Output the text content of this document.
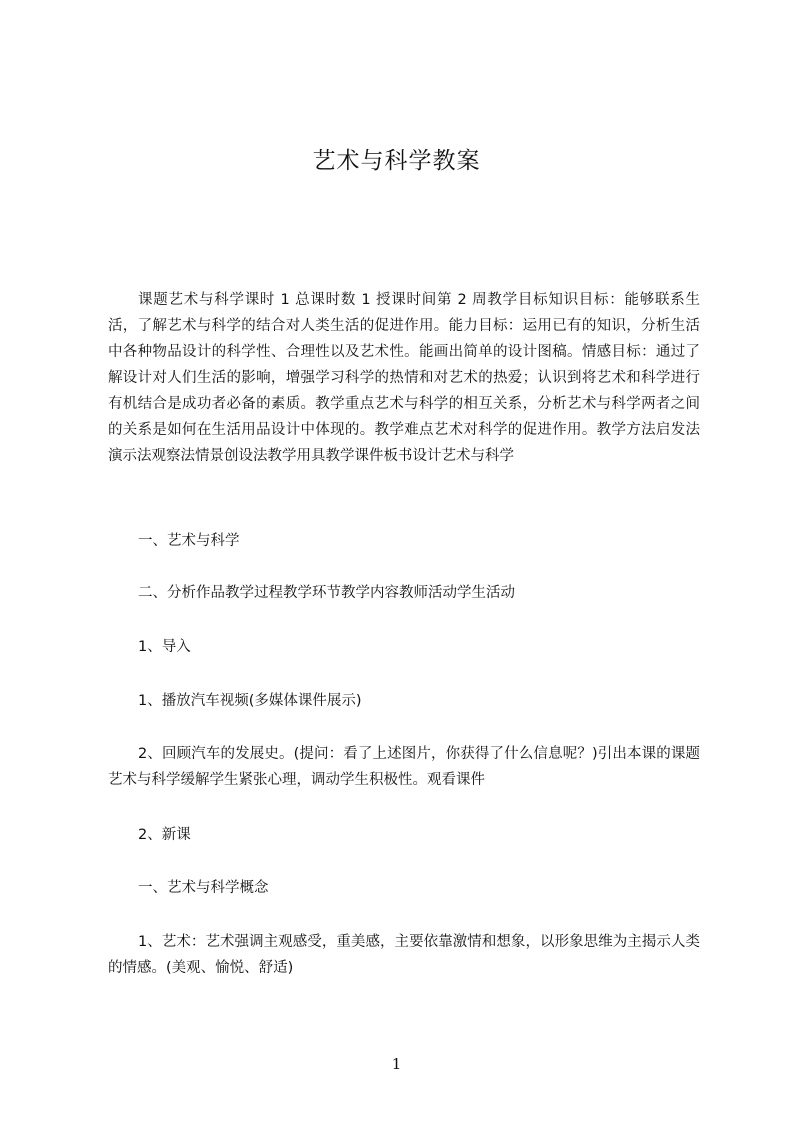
艺术与科学教案

课题艺术与科学课时 1 总课时数 1 授课时间第 2 周教学目标知识目标：能够联系生活，了解艺术与科学的结合对人类生活的促进作用。能力目标：运用已有的知识，分析生活中各种物品设计的科学性、合理性以及艺术性。能画出简单的设计图稿。情感目标：通过了解设计对人们生活的影响，增强学习科学的热情和对艺术的热爱；认识到将艺术和科学进行有机结合是成功者必备的素质。教学重点艺术与科学的相互关系，分析艺术与科学两者之间的关系是如何在生活用品设计中体现的。教学难点艺术对科学的促进作用。教学方法启发法演示法观察法情景创设法教学用具教学课件板书设计艺术与科学

一、艺术与科学

二、分析作品教学过程教学环节教学内容教师活动学生活动

1、导入

1、播放汽车视频(多媒体课件展示)

2、回顾汽车的发展史。(提问：看了上述图片，你获得了什么信息呢？)引出本课的课题艺术与科学缓解学生紧张心理，调动学生积极性。观看课件

2、新课

一、艺术与科学概念

1、艺术：艺术强调主观感受，重美感，主要依靠激情和想象，以形象思维为主揭示人类的情感。(美观、愉悦、舒适)

1
